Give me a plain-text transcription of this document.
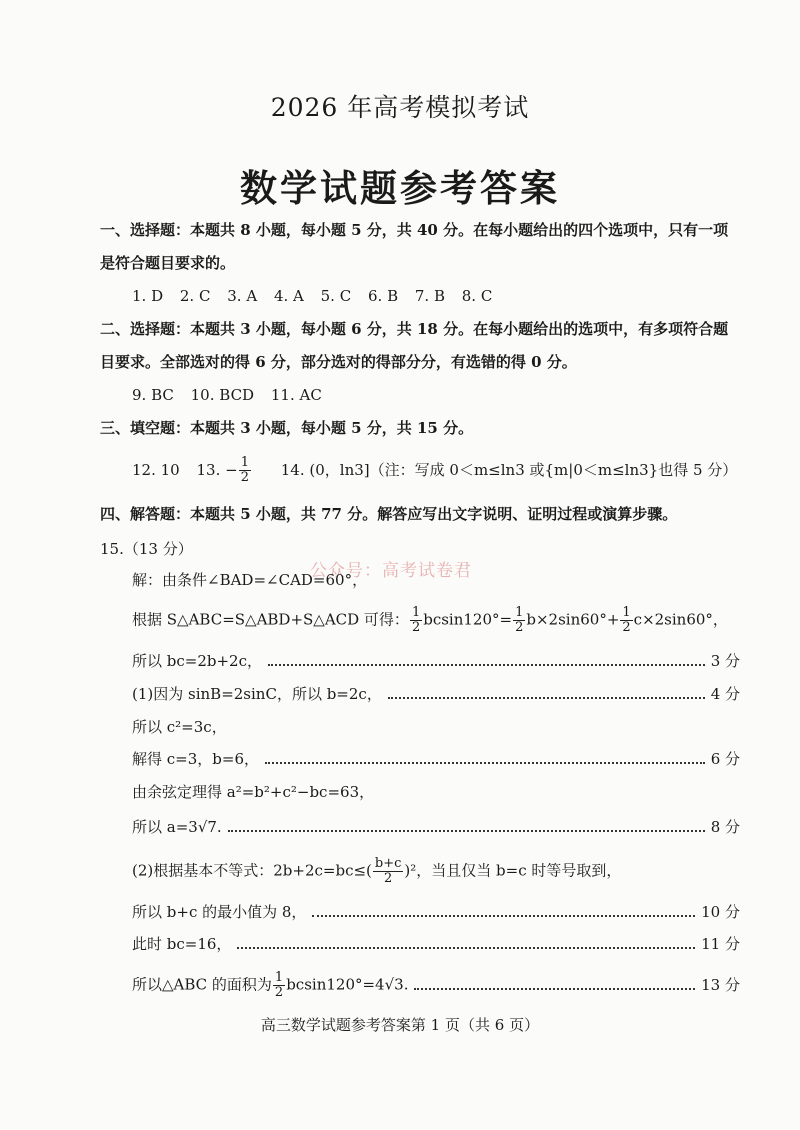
2026 年高考模拟考试
数学试题参考答案
一、选择题：本题共 8 小题，每小题 5 分，共 40 分。在每小题给出的四个选项中，只有一项是符合题目要求的。
1. D 2. C 3. A 4. A 5. C 6. B 7. B 8. C
二、选择题：本题共 3 小题，每小题 6 分，共 18 分。在每小题给出的选项中，有多项符合题目要求。全部选对的得 6 分，部分选对的得部分分，有选错的得 0 分。
9. BC 10. BCD 11. AC
三、填空题：本题共 3 小题，每小题 5 分，共 15 分。
12. 10 13. − $\frac{1}{2} 14$. (0，ln3]（注：写成 0＜m≤ln3 或{m|0＜m≤ln3}也得 5 分）
四、解答题：本题共 5 小题，共 77 分。解答应写出文字说明、证明过程或演算步骤。
15.（13 分）
公众号：高考试卷君
解：由条件∠BAD=∠CAD=60°，
根据 S△ABC=S△ABD+S△ACD 可得： $\frac{1}{2} bcsin120^\circ= \frac{1}{2} b\times 2\sin 60^\circ+ \frac{1}{2} c\times 2\sin 60^\circ$，
所以 bc=2b+2c，	3 分
(1)因为 sinB=2sinC，所以 b=2c，	4 分
所以 c²=3c，
解得 c=3，b=6，	6 分
由余弦定理得 a²=b²+c²−bc=63，
所以 a=3√7.	8 分
(2)根据基本不等式：$2b+2c=bc\le( \frac{b+c}{2} )^2$，当且仅当 b=c 时等号取到，
所以 b+c 的最小值为 8，	10 分
此时 bc=16，	11 分
所以△ABC 的面积为 $\frac{1}{2} bcsin120^\circ=4√3$.	13 分
高三数学试题参考答案第 1 页（共 6 页）
